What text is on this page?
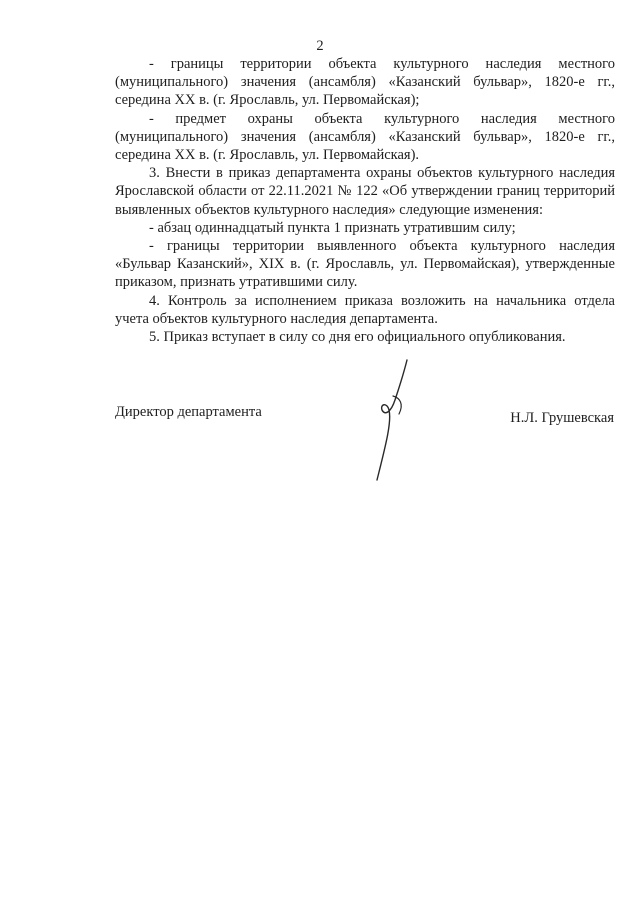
2

- границы территории объекта культурного наследия местного (муниципального) значения (ансамбля) «Казанский бульвар», 1820-е гг., середина XX в. (г. Ярославль, ул. Первомайская);

- предмет охраны объекта культурного наследия местного (муниципального) значения (ансамбля) «Казанский бульвар», 1820-е гг., середина XX в. (г. Ярославль, ул. Первомайская).

3. Внести в приказ департамента охраны объектов культурного наследия Ярославской области от 22.11.2021 № 122 «Об утверждении границ территорий выявленных объектов культурного наследия» следующие изменения:

- абзац одиннадцатый пункта 1 признать утратившим силу;

- границы территории выявленного объекта культурного наследия «Бульвар Казанский», XIX в. (г. Ярославль, ул. Первомайская), утвержденные приказом, признать утратившими силу.

4. Контроль за исполнением приказа возложить на начальника отдела учета объектов культурного наследия департамента.

5. Приказ вступает в силу со дня его официального опубликования.

Директор департамента	Н.Л. Грушевская
